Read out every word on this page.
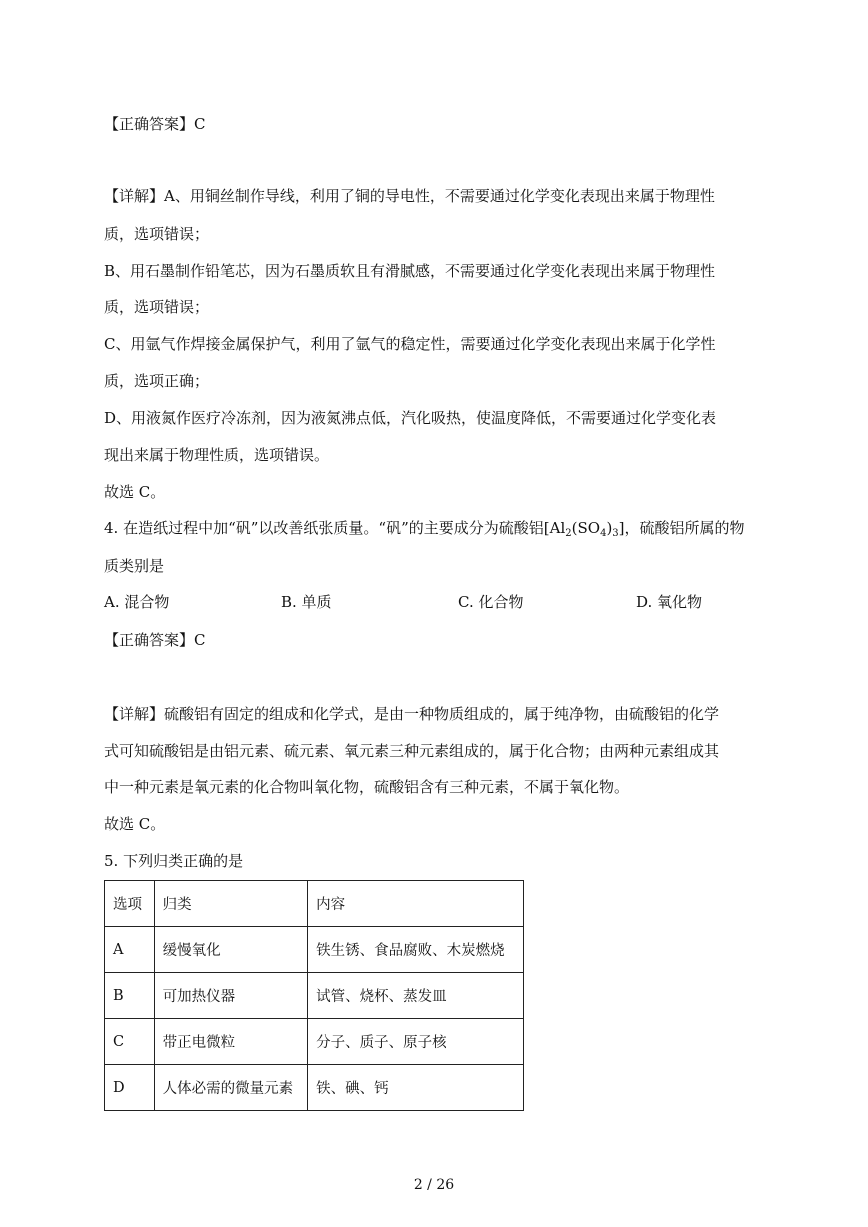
【正确答案】C
【详解】A、用铜丝制作导线，利用了铜的导电性，不需要通过化学变化表现出来属于物理性
质，选项错误；
B、用石墨制作铅笔芯，因为石墨质软且有滑腻感，不需要通过化学变化表现出来属于物理性
质，选项错误；
C、用氩气作焊接金属保护气，利用了氩气的稳定性，需要通过化学变化表现出来属于化学性
质，选项正确；
D、用液氮作医疗冷冻剂，因为液氮沸点低，汽化吸热，使温度降低，不需要通过化学变化表
现出来属于物理性质，选项错误。
故选 C。
4. 在造纸过程中加“矾”以改善纸张质量。“矾”的主要成分为硫酸铝$[Al_2(SO_4)_3]$，硫酸铝所属的物
质类别是
A. 混合物	B. 单质	C. 化合物	D. 氧化物
【正确答案】C
【详解】硫酸铝有固定的组成和化学式，是由一种物质组成的，属于纯净物，由硫酸铝的化学
式可知硫酸铝是由铝元素、硫元素、氧元素三种元素组成的，属于化合物；由两种元素组成其
中一种元素是氧元素的化合物叫氧化物，硫酸铝含有三种元素，不属于氧化物。
故选 C。
5. 下列归类正确的是
选项	归类	内容
A	缓慢氧化	铁生锈、食品腐败、木炭燃烧
B	可加热仪器	试管、烧杯、蒸发皿
C	带正电微粒	分子、质子、原子核
D	人体必需的微量元素	铁、碘、钙
2 / 26
